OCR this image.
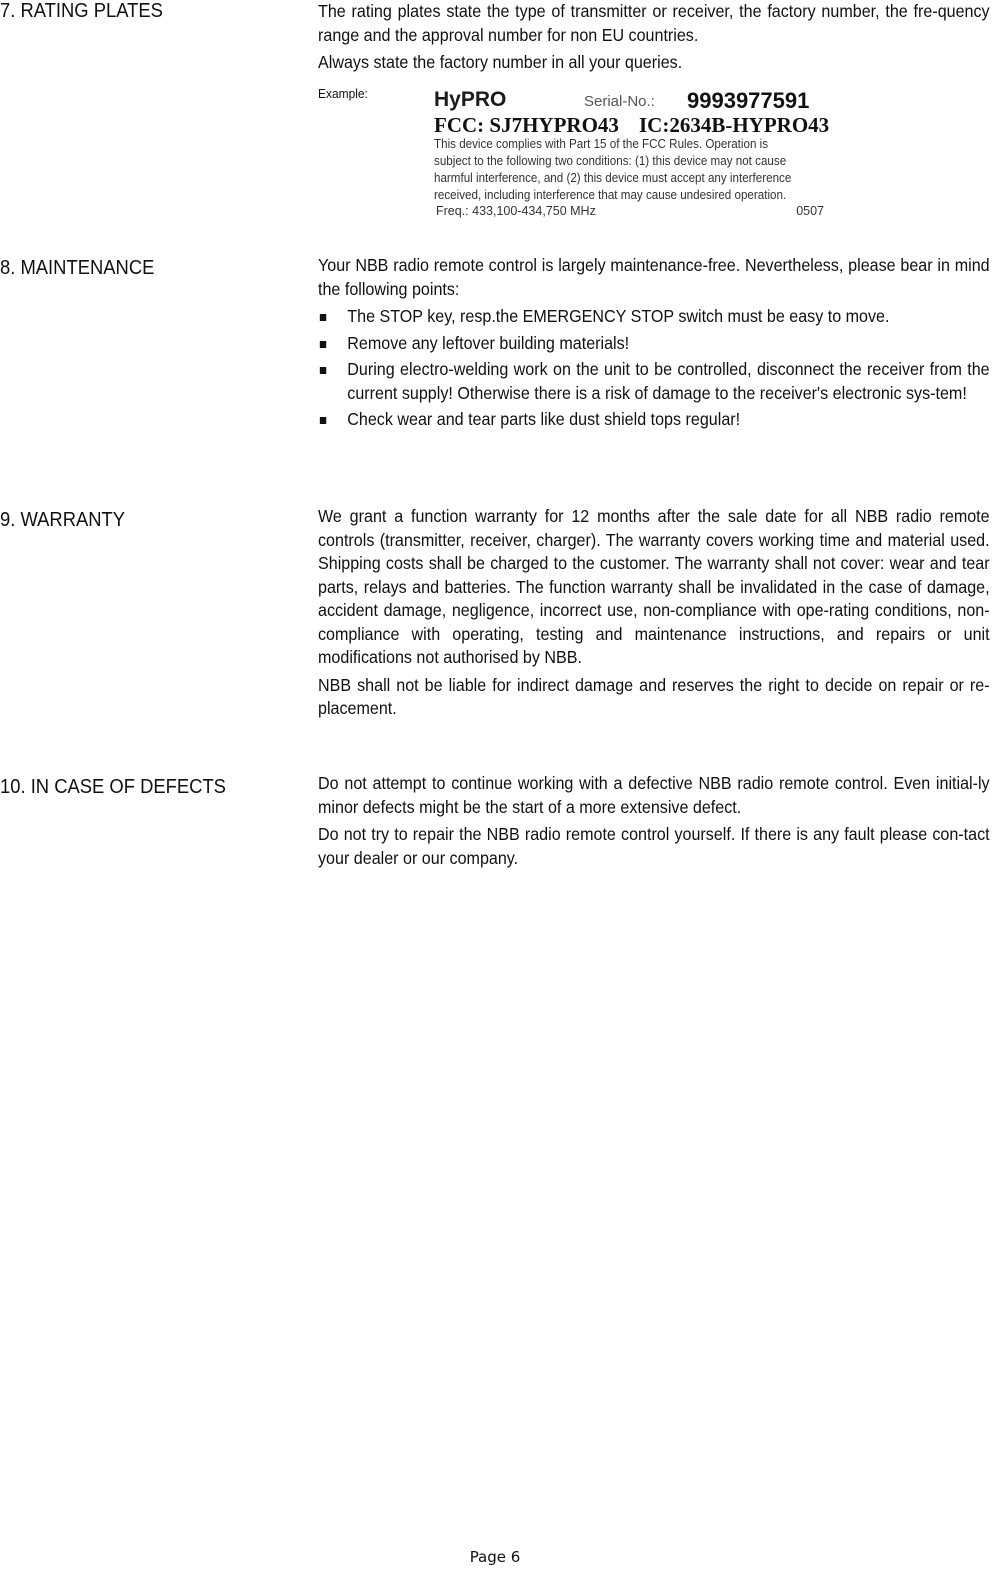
7. RATING PLATES	The rating plates state the type of transmitter or receiver, the factory number, the fre-quency range and the approval number for non EU countries.

Always state the factory number in all your queries.

Example:	HyPRO	Serial-No.: 9993977591
FCC: SJ7HYPRO43 IC:2634B-HYPRO43
This device complies with Part 15 of the FCC Rules. Operation is
subject to the following two conditions: (1) this device may not cause
harmful interference, and (2) this device must accept any interference
received, including interference that may cause undesired operation.
Freq.: 433,100-434,750 MHz	0507
8. MAINTENANCE	Your NBB radio remote control is largely maintenance-free. Nevertheless, please bear in mind the following points:

The STOP key, resp.the EMERGENCY STOP switch must be easy to move.
Remove any leftover building materials!
During electro-welding work on the unit to be controlled, disconnect the receiver from the current supply! Otherwise there is a risk of damage to the receiver's electronic sys-tem!
Check wear and tear parts like dust shield tops regular!
9. WARRANTY	We grant a function warranty for 12 months after the sale date for all NBB radio remote controls (transmitter, receiver, charger). The warranty covers working time and material used. Shipping costs shall be charged to the customer. The warranty shall not cover: wear and tear parts, relays and batteries. The function warranty shall be invalidated in the case of damage, accident damage, negligence, incorrect use, non-compliance with ope-rating conditions, non-compliance with operating, testing and maintenance instructions, and repairs or unit modifications not authorised by NBB.

NBB shall not be liable for indirect damage and reserves the right to decide on repair or re-placement.

10. IN CASE OF DEFECTS	Do not attempt to continue working with a defective NBB radio remote control. Even initial-ly minor defects might be the start of a more extensive defect.

Do not try to repair the NBB radio remote control yourself. If there is any fault please con-tact your dealer or our company.

Page 6
